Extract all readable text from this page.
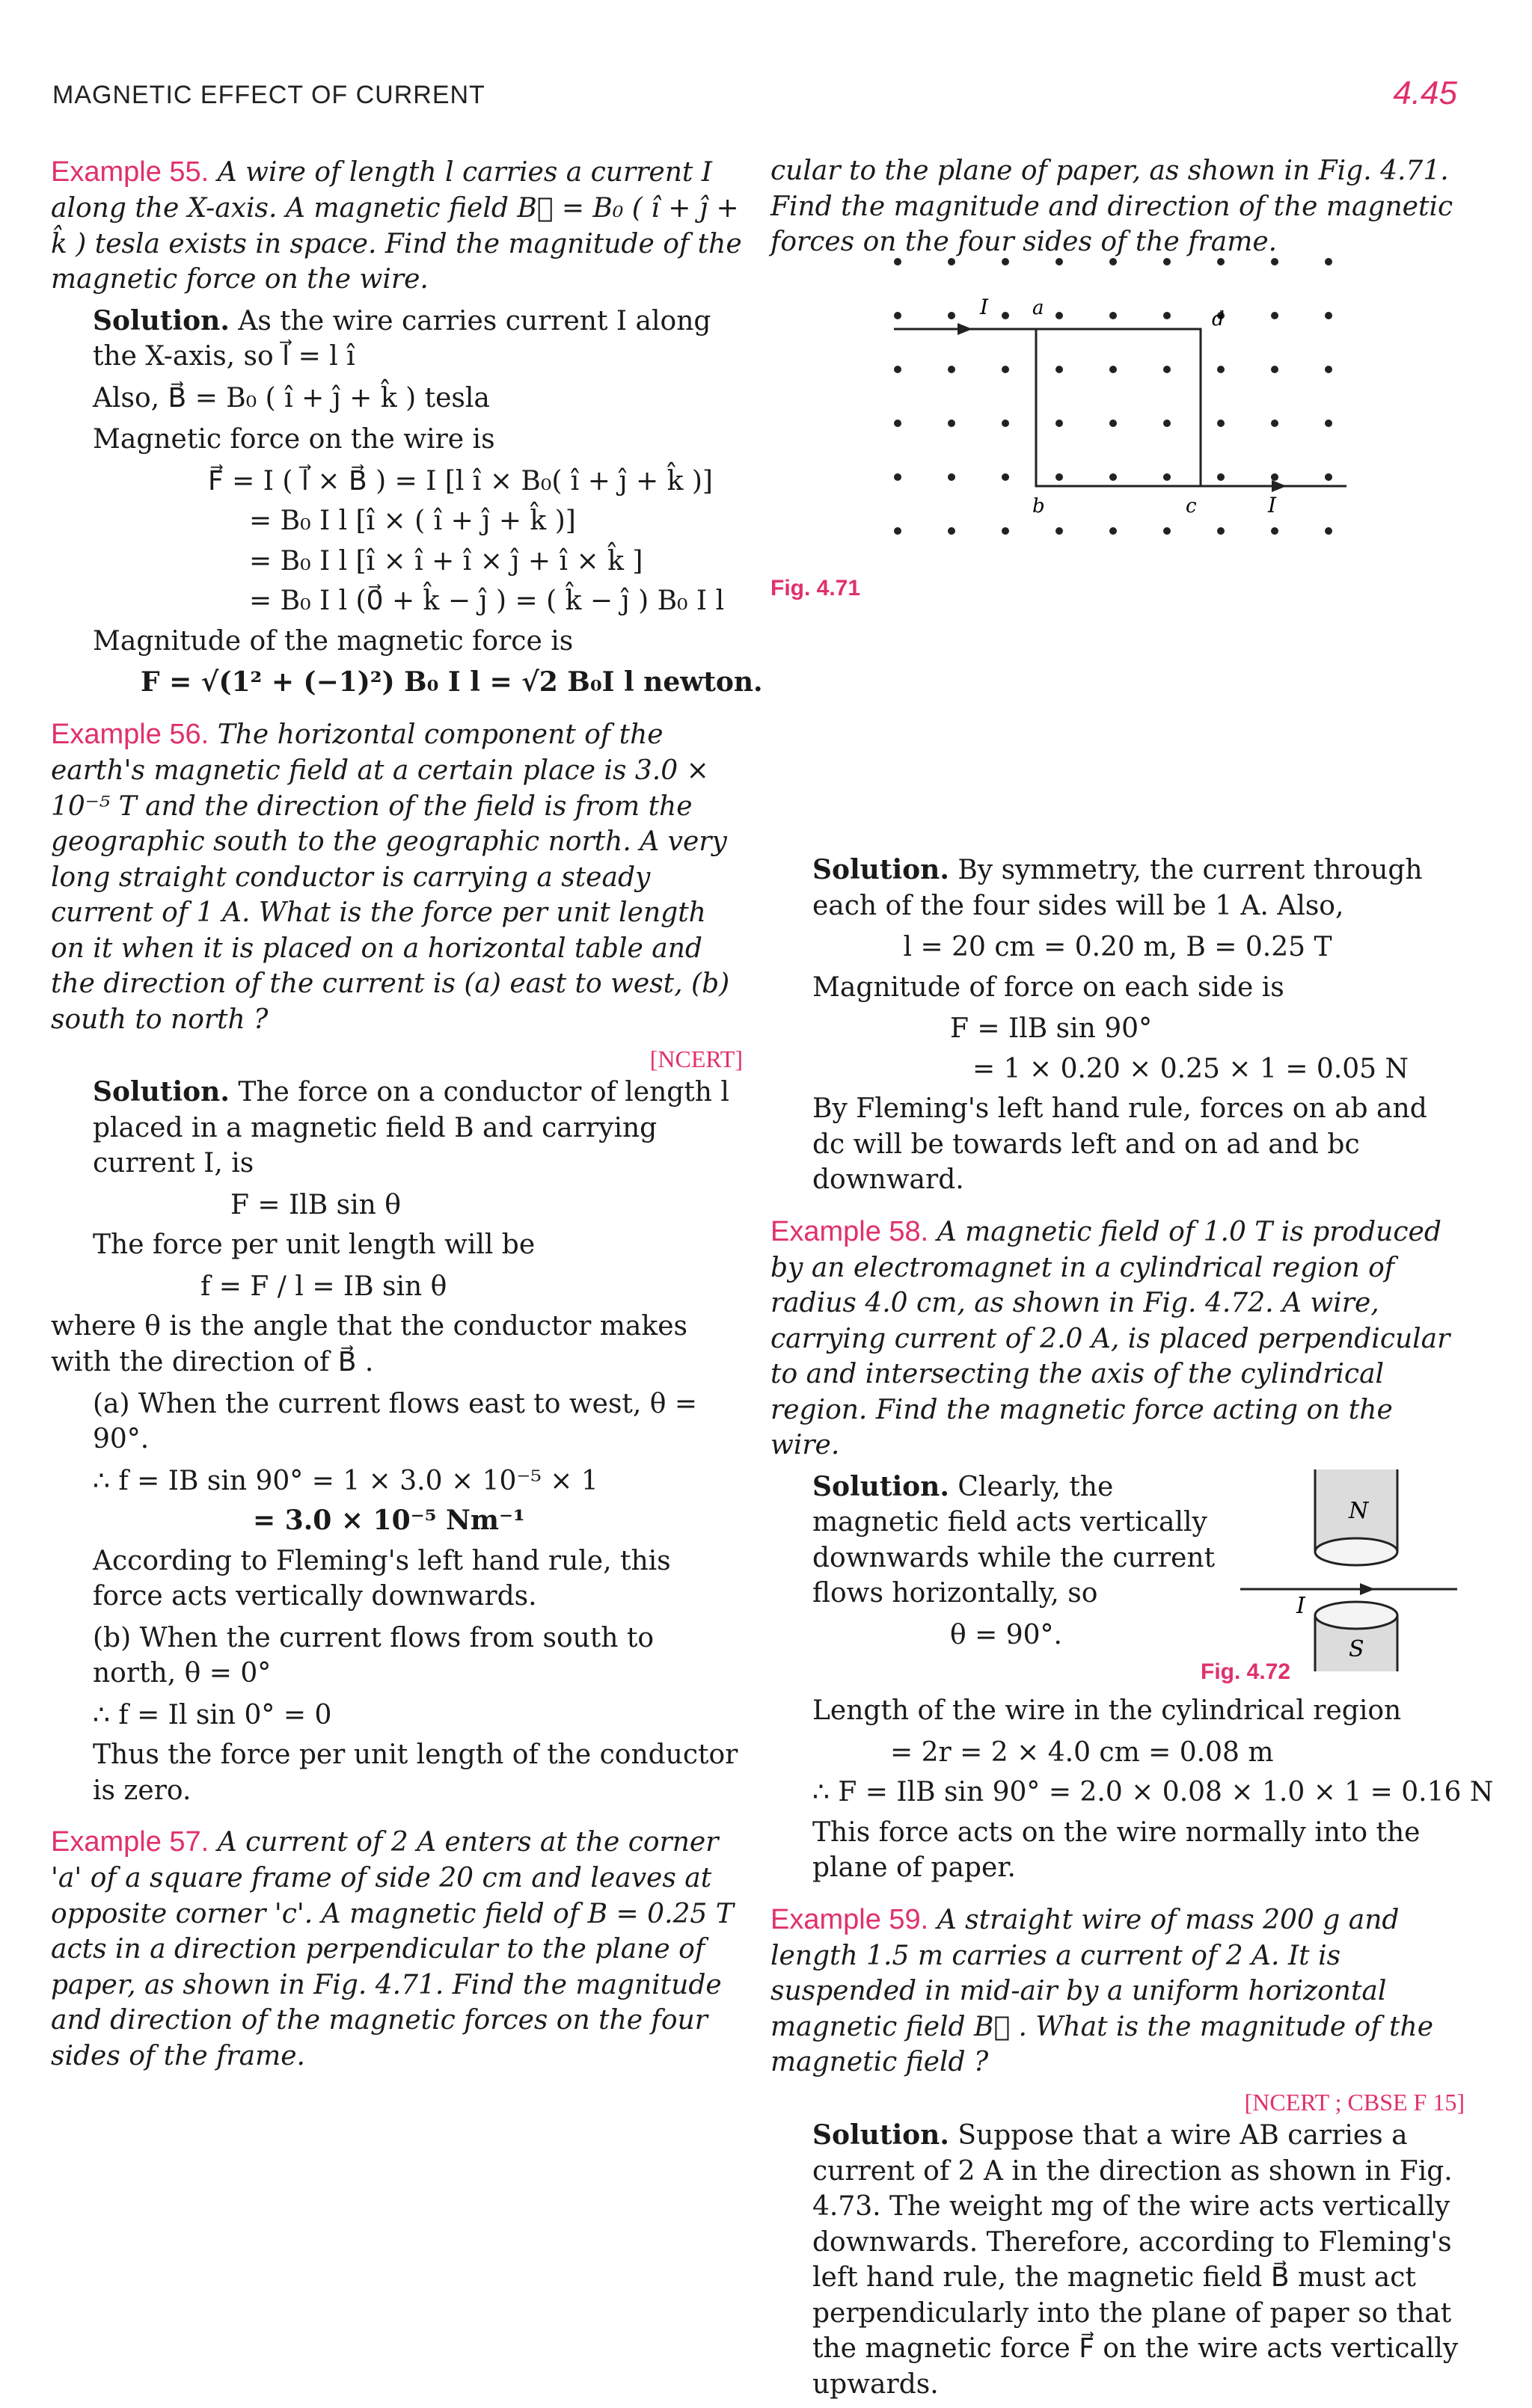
MAGNETIC EFFECT OF CURRENT	4.45

Example 55. A wire of length l carries a current I along the X-axis. A magnetic field B⃗ = B₀ ( î + ĵ + k̂ ) tesla exists in space. Find the magnitude of the magnetic force on the wire.

Solution. As the wire carries current I along the X-axis, so l⃗ = l î

Also, B⃗ = B₀ ( î + ĵ + k̂ ) tesla

Magnetic force on the wire is

F⃗ = I ( l⃗ × B⃗ ) = I [l î × B₀( î + ĵ + k̂ )]

= B₀ I l [î × ( î + ĵ + k̂ )]

= B₀ I l [î × î + î × ĵ + î × k̂ ]

= B₀ I l (0⃗ + k̂ − ĵ ) = ( k̂ − ĵ ) B₀ I l

Magnitude of the magnetic force is

F = √(1² + (−1)²) B₀ I l = √2 B₀I l newton.

Example 56. The horizontal component of the earth's magnetic field at a certain place is 3.0 × 10⁻⁵ T and the direction of the field is from the geographic south to the geographic north. A very long straight conductor is carrying a steady current of 1 A. What is the force per unit length on it when it is placed on a horizontal table and the direction of the current is (a) east to west, (b) south to north ?

[NCERT]

Solution. The force on a conductor of length l placed in a magnetic field B and carrying current I, is

F = IlB sin θ

The force per unit length will be

f = F / l = IB sin θ

where θ is the angle that the conductor makes with the direction of B⃗ .

(a) When the current flows east to west, θ = 90°.

∴ f = IB sin 90° = 1 × 3.0 × 10⁻⁵ × 1

= 3.0 × 10⁻⁵ Nm⁻¹

According to Fleming's left hand rule, this force acts vertically downwards.

(b) When the current flows from south to north, θ = 0°

∴ f = Il sin 0° = 0

Thus the force per unit length of the conductor is zero.

Example 57. A current of 2 A enters at the corner 'a' of a square frame of side 20 cm and leaves at opposite corner 'c'. A magnetic field of B = 0.25 T acts in a direction perpendicular to the plane of paper, as shown in Fig. 4.71. Find the magnitude and direction of the magnetic forces on the four sides of the frame.

Solution. By symmetry, the current through each of the four sides will be 1 A. Also,

l = 20 cm = 0.20 m, B = 0.25 T

Magnitude of force on each side is

F = IlB sin 90°

= 1 × 0.20 × 0.25 × 1 = 0.05 N

By Fleming's left hand rule, forces on ab and dc will be towards left and on ad and bc downward.

Example 58. A magnetic field of 1.0 T is produced by an electromagnet in a cylindrical region of radius 4.0 cm, as shown in Fig. 4.72. A wire, carrying current of 2.0 A, is placed perpendicular to and intersecting the axis of the cylindrical region. Find the magnetic force acting on the wire.

Solution. Clearly, the magnetic field acts vertically downwards while the current flows horizontally, so

θ = 90°.

N
I
S

Fig. 4.72

Length of the wire in the cylindrical region

= 2r = 2 × 4.0 cm = 0.08 m

∴ F = IlB sin 90° = 2.0 × 0.08 × 1.0 × 1 = 0.16 N

This force acts on the wire normally into the plane of paper.

Example 59. A straight wire of mass 200 g and length 1.5 m carries a current of 2 A. It is suspended in mid-air by a uniform horizontal magnetic field B⃗ . What is the magnitude of the magnetic field ?

[NCERT ; CBSE F 15]

Solution. Suppose that a wire AB carries a current of 2 A in the direction as shown in Fig. 4.73. The weight mg of the wire acts vertically downwards. Therefore, according to Fleming's left hand rule, the magnetic field B⃗ must act perpendicularly into the plane of paper so that the magnetic force F⃗ on the wire acts vertically upwards.

cular to the plane of paper, as shown in Fig. 4.71. Find the magnitude and direction of the magnetic forces on the four sides of the frame.

I a	d
b	c	I
Fig. 4.71
